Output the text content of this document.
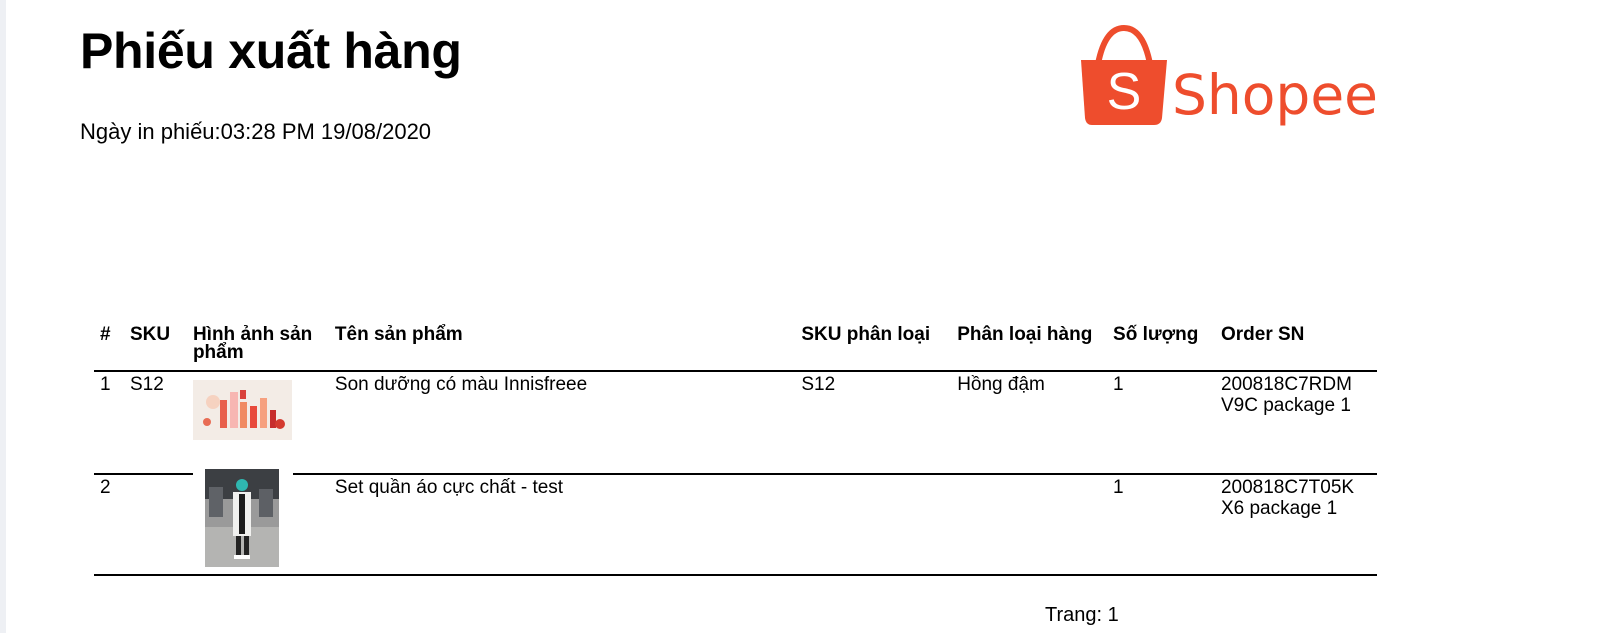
Phiếu xuất hàng
Ngày in phiếu:03:28 PM 19/08/2020
S Shopee
#	SKU	Hình ảnh sản phẩm	Tên sản phẩm	SKU phân loại	Phân loại hàng	Số lượng	Order SN
1	S12		Son dưỡng có màu Innisfreee	S12	Hồng đậm	1	200818C7RDM
V9C package 1

2			Set quần áo cực chất - test			1	200818C7T05K
X6 package 1
Trang: 1
